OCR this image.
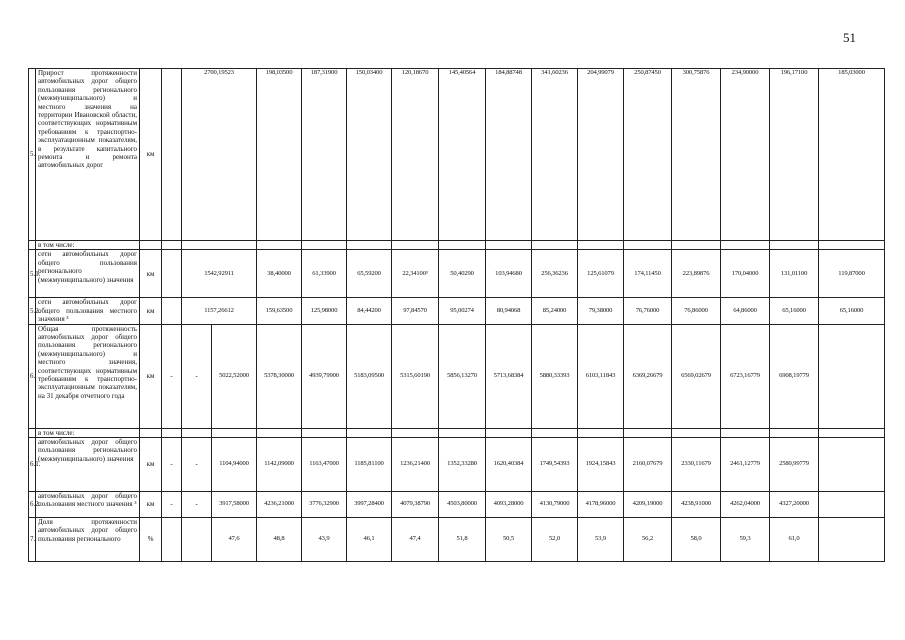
51
5.	Прирост протяженности автомобильных дорог общего пользования регионального (межмуниципального) и местного значения на территории Ивановской области, соответствующих нормативным требованиям к транспортно-эксплуатационным показателям, в результате капитального ремонта и ремонта автомобильных дорог	км		2700,19523		198,03500	187,31900	150,03400	120,18670	145,40564	184,88748	341,60236	204,99079	250,87450	300,75876	234,90000	196,17100	185,03000	
	в том числе:																		
5.1.	сети автомобильных дорог общего пользования регионального (межмуниципального) значения	км		1542,92911		38,40000	61,33900	65,59200	22,34100³	50,40290	103,94680	256,36236	125,61079	174,11450	223,89876	170,04000	131,01100	119,87000	
5.2.	сети автомобильных дорог общего пользования местного значения ³	км		1157,26612		159,63500	125,98000	84,44200	97,84570	95,00274	80,94068	85,24000	79,38000	76,76000	76,86000	64,86000	65,16000	65,16000	
6.	Общая протяженность автомобильных дорог общего пользования регионального (межмуниципального) и местного значения, соответствующих нормативным требованиям к транспортно-эксплуатационным показателям, на 31 декабря отчетного года	км	-	-	5022,52000	5378,30000	4939,79900	5183,09500	5315,60190	5856,13270	5713,68384	5880,33393	6103,11843	6369,26679	6569,02679	6723,16779	6908,19779		
	в том числе:																		
6.1.	автомобильных дорог общего пользования регионального (межмуниципального) значения	км	-	-	1104,94000	1142,09000	1163,47000	1185,81100	1236,21400	1352,33280	1620,40384	1749,54393	1924,15843	2160,07679	2330,11679	2461,12779	2580,99779		
6.2.	автомобильных дорог общего пользования местного значения ³	км	-	-	3917,58000	4236,21000	3776,32900	3997,28400	4079,38790	4503,80000	4093,28000	4130,79000	4178,96000	4209,19000	4238,91000	4262,04000	4327,20000		
7.	Доля протяженности автомобильных дорог общего пользования регионального	%			47,6	48,8	43,9	46,1	47,4	51,8	50,5	52,0	53,9	56,2	58,0	59,3	61,0		
